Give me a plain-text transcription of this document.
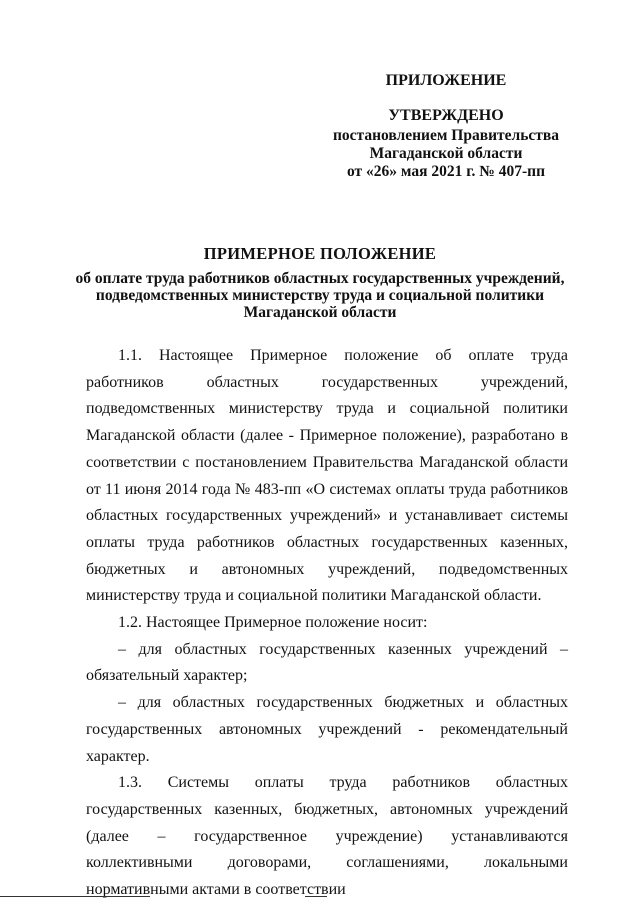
ПРИЛОЖЕНИЕ
УТВЕРЖДЕНО
постановлением Правительства
Магаданской области
от «26» мая 2021 г. № 407-пп
ПРИМЕРНОЕ ПОЛОЖЕНИЕ
об оплате труда работников областных государственных учреждений,
подведомственных министерству труда и социальной политики
Магаданской области

1.1. Настоящее Примерное положение об оплате труда работников областных государственных учреждений, подведомственных министерству труда и социальной политики Магаданской области (далее - Примерное положение), разработано в соответствии с постановлением Правительства Магаданской области от 11 июня 2014 года № 483-пп «О системах оплаты труда работников областных государственных учреждений» и устанавливает системы оплаты труда работников областных государственных казенных, бюджетных и автономных учреждений, подведомственных министерству труда и социальной политики Магаданской области.

1.2. Настоящее Примерное положение носит:

– для областных государственных казенных учреждений – обязательный характер;

– для областных государственных бюджетных и областных государственных автономных учреждений - рекомендательный характер.

1.3. Системы оплаты труда работников областных государственных казенных, бюджетных, автономных учреждений (далее – государственное учреждение) устанавливаются коллективными договорами, соглашениями, локальными нормативными актами в соответствии
